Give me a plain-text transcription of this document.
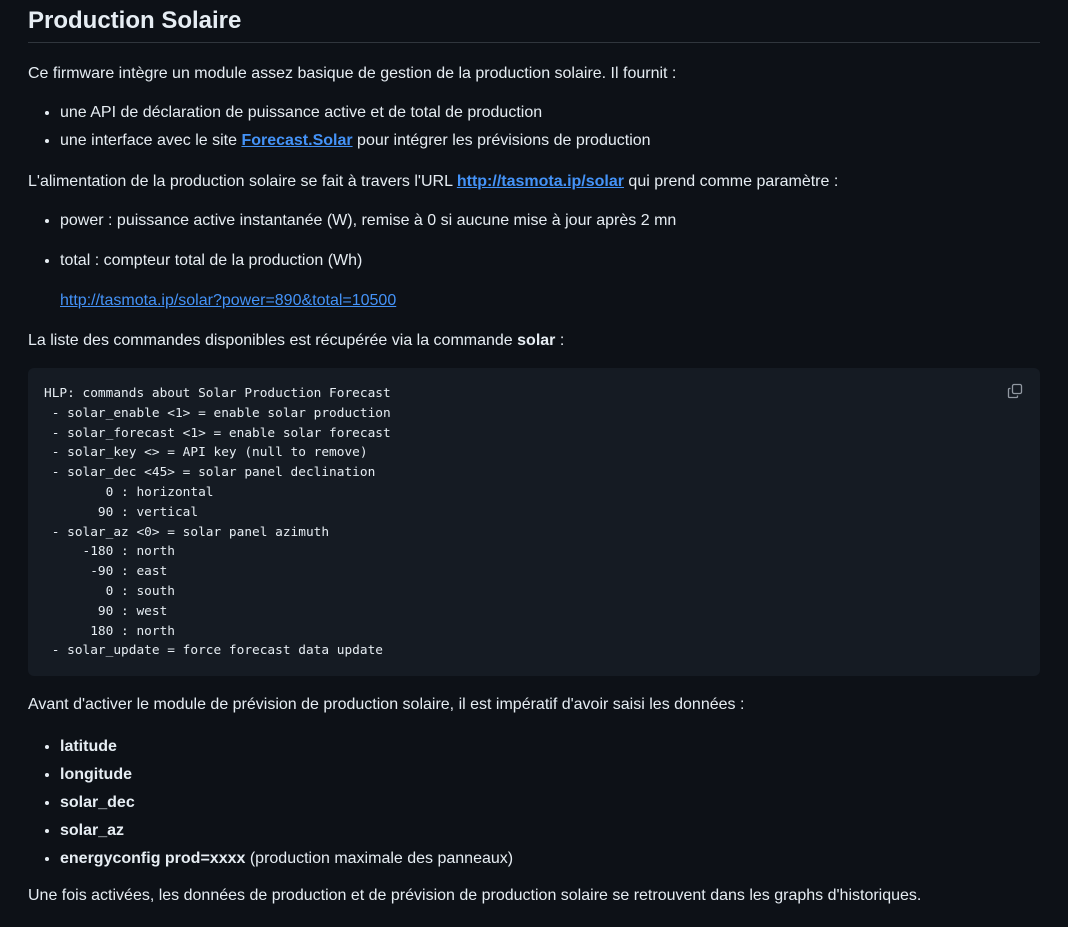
Production Solaire

Ce firmware intègre un module assez basique de gestion de la production solaire. Il fournit :

• une API de déclaration de puissance active et de total de production
• une interface avec le site Forecast.Solar pour intégrer les prévisions de production

L'alimentation de la production solaire se fait à travers l'URL http://tasmota.ip/solar qui prend comme paramètre :

• power : puissance active instantanée (W), remise à 0 si aucune mise à jour après 2 mn
• total : compteur total de la production (Wh)

http://tasmota.ip/solar?power=890&total=10500

La liste des commandes disponibles est récupérée via la commande solar :

HLP: commands about Solar Production Forecast
- solar_enable <1> = enable solar production
- solar_forecast <1> = enable solar forecast
- solar_key <> = API key (null to remove)
- solar_dec <45> = solar panel declination
0 : horizontal
90 : vertical
- solar_az <0> = solar panel azimuth
-180 : north
-90 : east
0 : south
90 : west
180 : north
- solar_update = force forecast data update

Avant d'activer le module de prévision de production solaire, il est impératif d'avoir saisi les données :

• latitude
• longitude
• solar_dec
• solar_az
• energyconfig prod=xxxx (production maximale des panneaux)

Une fois activées, les données de production et de prévision de production solaire se retrouvent dans les graphs d'historiques.
